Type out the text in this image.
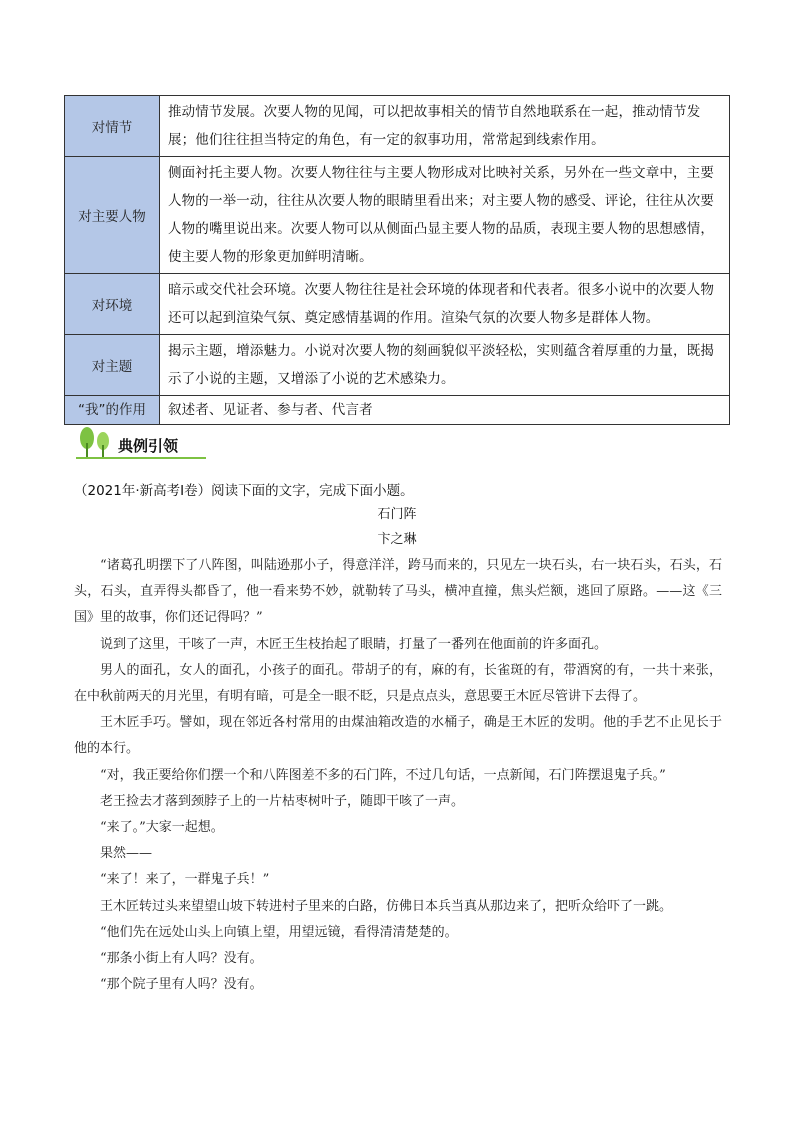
对情节	推动情节发展。次要人物的见闻，可以把故事相关的情节自然地联系在一起，推动情节发展；他们往往担当特定的角色，有一定的叙事功用，常常起到线索作用。
对主要人物	侧面衬托主要人物。次要人物往往与主要人物形成对比映衬关系，另外在一些文章中，主要人物的一举一动，往往从次要人物的眼睛里看出来；对主要人物的感受、评论，往往从次要人物的嘴里说出来。次要人物可以从侧面凸显主要人物的品质，表现主要人物的思想感情，使主要人物的形象更加鲜明清晰。
对环境	暗示或交代社会环境。次要人物往往是社会环境的体现者和代表者。很多小说中的次要人物还可以起到渲染气氛、奠定感情基调的作用。渲染气氛的次要人物多是群体人物。
对主题	揭示主题，增添魅力。小说对次要人物的刻画貌似平淡轻松，实则蕴含着厚重的力量，既揭示了小说的主题，又增添了小说的艺术感染力。
“我”的作用	叙述者、见证者、参与者、代言者
典例引领
（2021年·新高考Ⅰ卷）阅读下面的文字，完成下面小题。
石门阵
卞之琳

“诸葛孔明摆下了八阵图，叫陆逊那小子，得意洋洋，跨马而来的，只见左一块石头，右一块石头，石头，石头，石头，直弄得头都昏了，他一看来势不妙，就勒转了马头，横冲直撞，焦头烂额，逃回了原路。——这《三国》里的故事，你们还记得吗？”

说到了这里，干咳了一声，木匠王生枝抬起了眼睛，打量了一番列在他面前的许多面孔。

男人的面孔，女人的面孔，小孩子的面孔。带胡子的有，麻的有，长雀斑的有，带酒窝的有，一共十来张，在中秋前两天的月光里，有明有暗，可是全一眼不眨，只是点点头，意思要王木匠尽管讲下去得了。

王木匠手巧。譬如，现在邻近各村常用的由煤油箱改造的水桶子，确是王木匠的发明。他的手艺不止见长于他的本行。

“对，我正要给你们摆一个和八阵图差不多的石门阵，不过几句话，一点新闻，石门阵摆退鬼子兵。”

老王捡去才落到颈脖子上的一片枯枣树叶子，随即干咳了一声。

“来了。”大家一起想。

果然——

“来了！来了，一群鬼子兵！”

王木匠转过头来望望山坡下转进村子里来的白路，仿佛日本兵当真从那边来了，把听众给吓了一跳。

“他们先在远处山头上向镇上望，用望远镜，看得清清楚楚的。

“那条小街上有人吗？没有。

“那个院子里有人吗？没有。
